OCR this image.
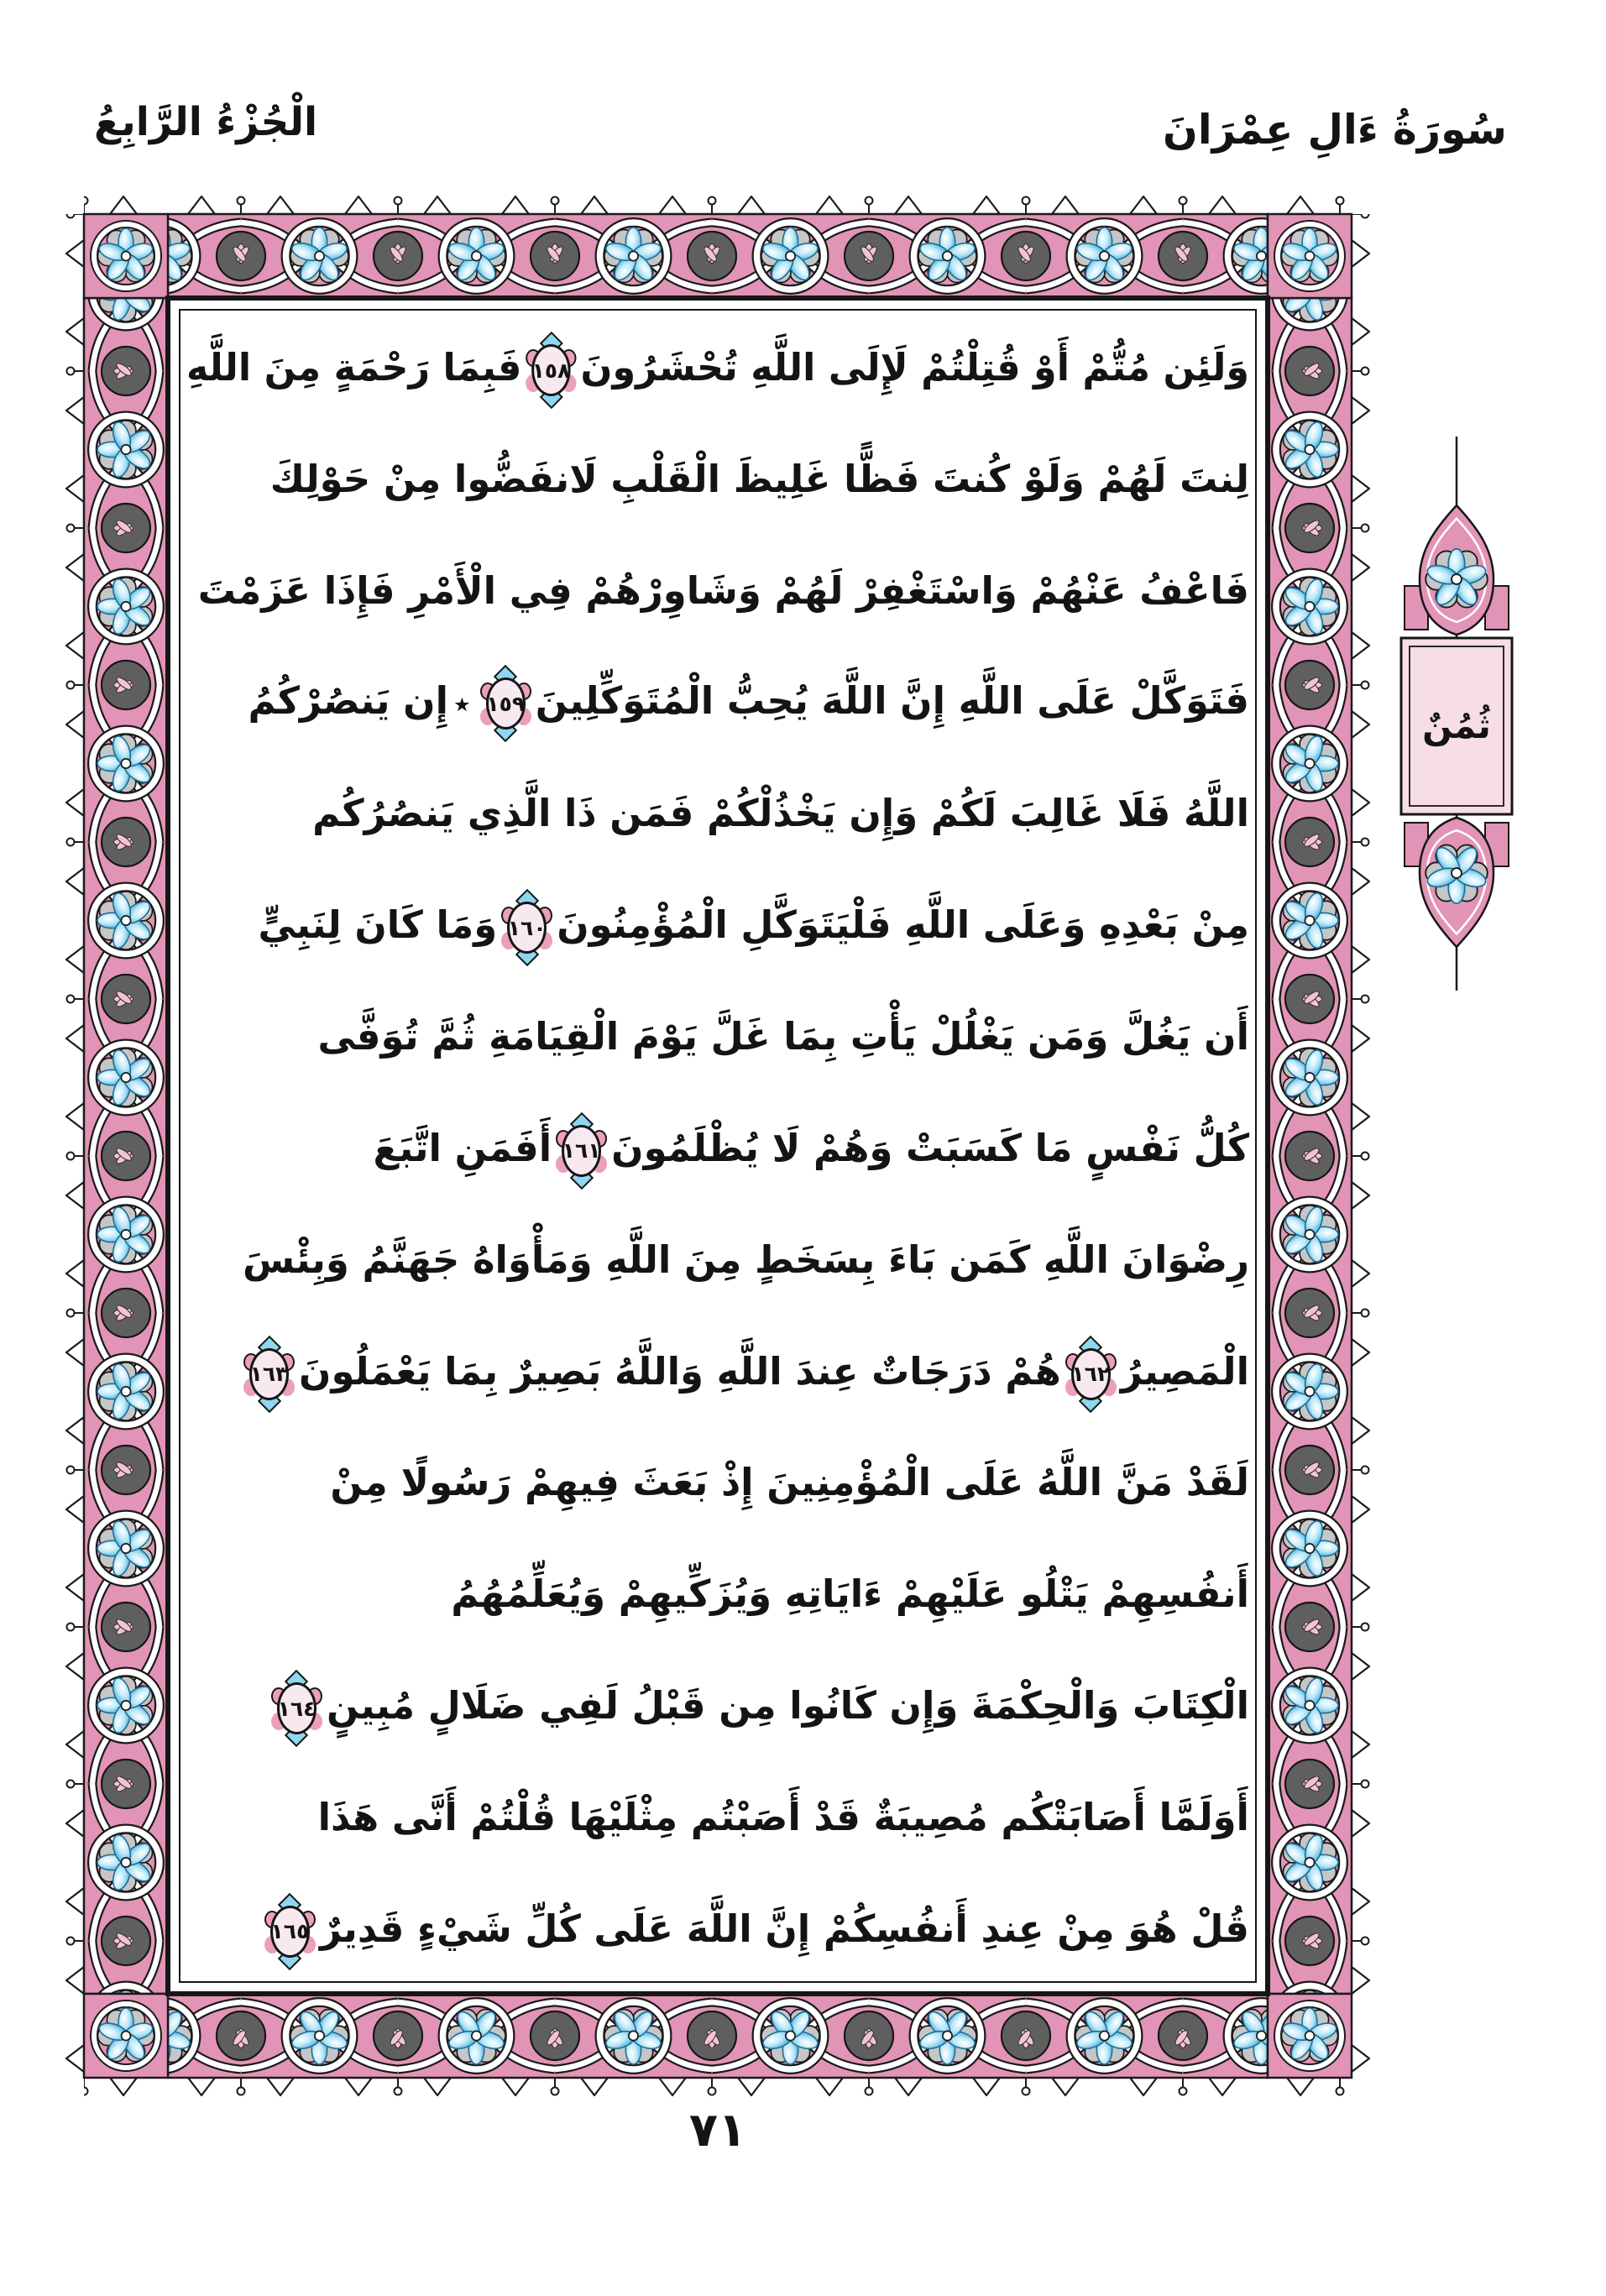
الْجُزْءُ الرَّابِعُ	سُورَةُ ءَالِ عِمْرَانَ
وَلَئِن مُتُّمْ أَوْ قُتِلْتُمْ لَإِلَى اللَّهِ تُحْشَرُونَ
١٥٨
فَبِمَا رَحْمَةٍ مِنَ اللَّهِ
لِنتَ لَهُمْ وَلَوْ كُنتَ فَظًّا غَلِيظَ الْقَلْبِ لَانفَضُّوا مِنْ حَوْلِكَ
فَاعْفُ عَنْهُمْ وَاسْتَغْفِرْ لَهُمْ وَشَاوِرْهُمْ فِي الْأَمْرِ فَإِذَا عَزَمْتَ
فَتَوَكَّلْ عَلَى اللَّهِ إِنَّ اللَّهَ يُحِبُّ الْمُتَوَكِّلِينَ
١٥٩
٭إِن يَنصُرْكُمُ
اللَّهُ فَلَا غَالِبَ لَكُمْ وَإِن يَخْذُلْكُمْ فَمَن ذَا الَّذِي يَنصُرُكُم
مِنْ بَعْدِهِ وَعَلَى اللَّهِ فَلْيَتَوَكَّلِ الْمُؤْمِنُونَ
١٦٠
وَمَا كَانَ لِنَبِيٍّ
أَن يَغُلَّ وَمَن يَغْلُلْ يَأْتِ بِمَا غَلَّ يَوْمَ الْقِيَامَةِ ثُمَّ تُوَفَّى
كُلُّ نَفْسٍ مَا كَسَبَتْ وَهُمْ لَا يُظْلَمُونَ
١٦١
أَفَمَنِ اتَّبَعَ
رِضْوَانَ اللَّهِ كَمَن بَاءَ بِسَخَطٍ مِنَ اللَّهِ وَمَأْوَاهُ جَهَنَّمُ وَبِئْسَ
الْمَصِيرُ
١٦٢
هُمْ دَرَجَاتٌ عِندَ اللَّهِ وَاللَّهُ بَصِيرٌ بِمَا يَعْمَلُونَ
١٦٣
لَقَدْ مَنَّ اللَّهُ عَلَى الْمُؤْمِنِينَ إِذْ بَعَثَ فِيهِمْ رَسُولًا مِنْ
أَنفُسِهِمْ يَتْلُو عَلَيْهِمْ ءَايَاتِهِ وَيُزَكِّيهِمْ وَيُعَلِّمُهُمُ
الْكِتَابَ وَالْحِكْمَةَ وَإِن كَانُوا مِن قَبْلُ لَفِي ضَلَالٍ مُبِينٍ
١٦٤
أَوَلَمَّا أَصَابَتْكُم مُصِيبَةٌ قَدْ أَصَبْتُم مِثْلَيْهَا قُلْتُمْ أَنَّى هَذَا
قُلْ هُوَ مِنْ عِندِ أَنفُسِكُمْ إِنَّ اللَّهَ عَلَى كُلِّ شَيْءٍ قَدِيرٌ
١٦٥
ثُمُنٌ
٧١
